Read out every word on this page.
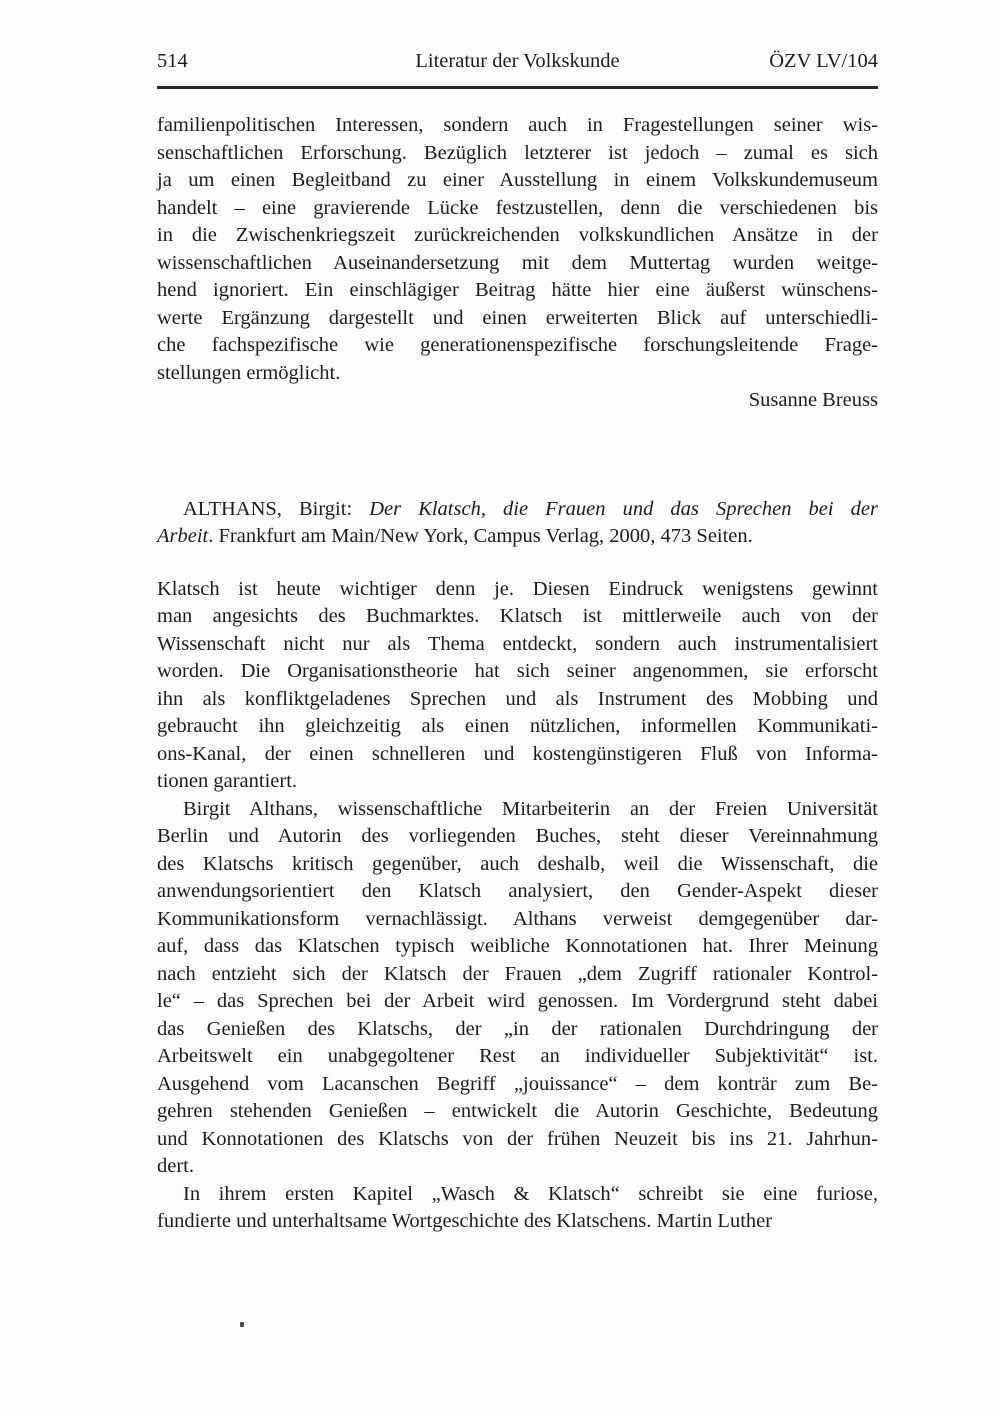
514	Literatur der Volkskunde	ÖZV LV/104
familienpolitischen Interessen, sondern auch in Fragestellungen seiner wis-
senschaftlichen Erforschung. Bezüglich letzterer ist jedoch – zumal es sich
ja um einen Begleitband zu einer Ausstellung in einem Volkskundemuseum
handelt – eine gravierende Lücke festzustellen, denn die verschiedenen bis
in die Zwischenkriegszeit zurückreichenden volkskundlichen Ansätze in der
wissenschaftlichen Auseinandersetzung mit dem Muttertag wurden weitge-
hend ignoriert. Ein einschlägiger Beitrag hätte hier eine äußerst wünschens-
werte Ergänzung dargestellt und einen erweiterten Blick auf unterschiedli-
che fachspezifische wie generationenspezifische forschungsleitende Frage-
stellungen ermöglicht.
Susanne Breuss
ALTHANS, Birgit: Der Klatsch, die Frauen und das Sprechen bei der
Arbeit. Frankfurt am Main/New York, Campus Verlag, 2000, 473 Seiten.
Klatsch ist heute wichtiger denn je. Diesen Eindruck wenigstens gewinnt
man angesichts des Buchmarktes. Klatsch ist mittlerweile auch von der
Wissenschaft nicht nur als Thema entdeckt, sondern auch instrumentalisiert
worden. Die Organisationstheorie hat sich seiner angenommen, sie erforscht
ihn als konfliktgeladenes Sprechen und als Instrument des Mobbing und
gebraucht ihn gleichzeitig als einen nützlichen, informellen Kommunikati-
ons-Kanal, der einen schnelleren und kostengünstigeren Fluß von Informa-
tionen garantiert.
Birgit Althans, wissenschaftliche Mitarbeiterin an der Freien Universität
Berlin und Autorin des vorliegenden Buches, steht dieser Vereinnahmung
des Klatschs kritisch gegenüber, auch deshalb, weil die Wissenschaft, die
anwendungsorientiert den Klatsch analysiert, den Gender-Aspekt dieser
Kommunikationsform vernachlässigt. Althans verweist demgegenüber dar-
auf, dass das Klatschen typisch weibliche Konnotationen hat. Ihrer Meinung
nach entzieht sich der Klatsch der Frauen „dem Zugriff rationaler Kontrol-
le“ – das Sprechen bei der Arbeit wird genossen. Im Vordergrund steht dabei
das Genießen des Klatschs, der „in der rationalen Durchdringung der
Arbeitswelt ein unabgegoltener Rest an individueller Subjektivität“ ist.
Ausgehend vom Lacanschen Begriff „jouissance“ – dem konträr zum Be-
gehren stehenden Genießen – entwickelt die Autorin Geschichte, Bedeutung
und Konnotationen des Klatschs von der frühen Neuzeit bis ins 21. Jahrhun-
dert.
In ihrem ersten Kapitel „Wasch & Klatsch“ schreibt sie eine furiose,
fundierte und unterhaltsame Wortgeschichte des Klatschens. Martin Luther
